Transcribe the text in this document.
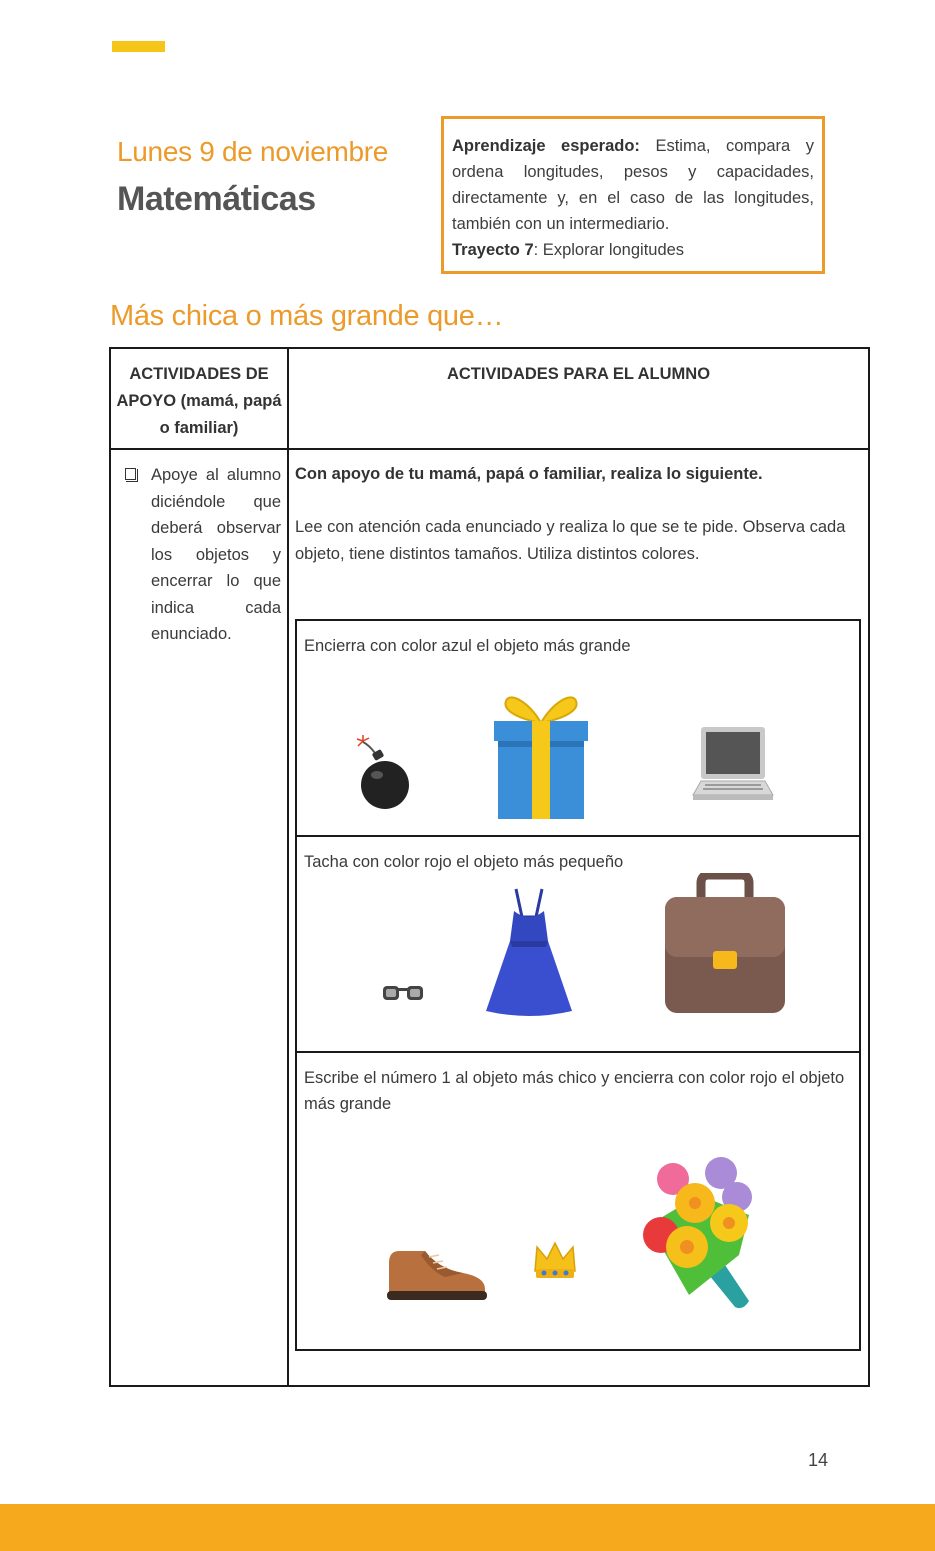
Lunes 9 de noviembre
Matemáticas
Aprendizaje esperado: Estima, compara y ordena longitudes, pesos y capacidades, directamente y, en el caso de las longitudes, también con un intermediario.
Trayecto 7: Explorar longitudes
Más chica o más grande que…
ACTIVIDADES DE APOYO (mamá, papá o familiar)
ACTIVIDADES PARA EL ALUMNO

Apoye al alumno diciéndole que deberá observar los objetos y encerrar lo que indica cada enunciado.

Con apoyo de tu mamá, papá o familiar, realiza lo siguiente.
Lee con atención cada enunciado y realiza lo que se te pide. Observa cada objeto, tiene distintos tamaños. Utiliza distintos colores.
Encierra con color azul el objeto más grande
Tacha con color rojo el objeto más pequeño
Escribe el número 1 al objeto más chico y encierra con color rojo el objeto más grande
14
